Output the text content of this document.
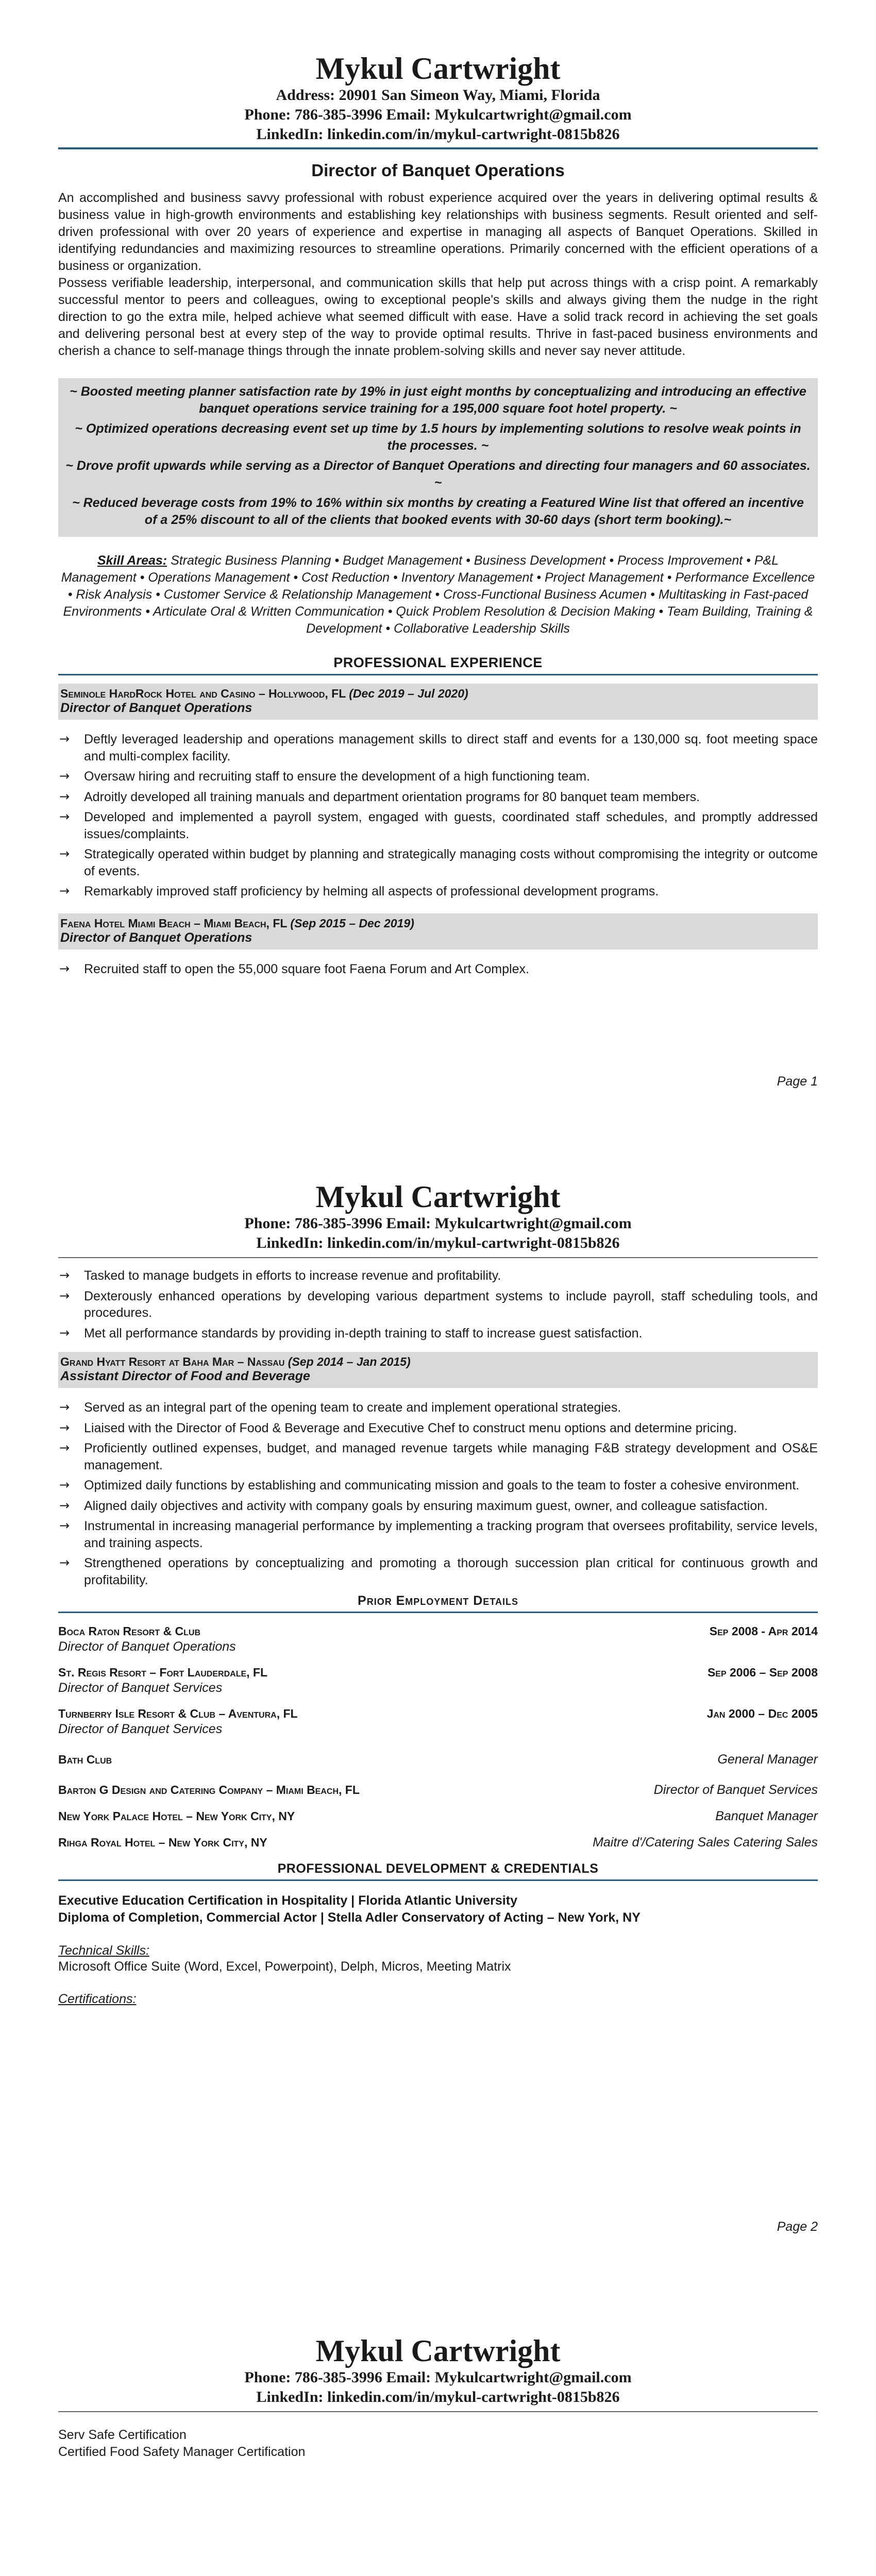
Mykul Cartwright
Address: 20901 San Simeon Way, Miami, Florida
Phone: 786-385-3996 Email: Mykulcartwright@gmail.com
LinkedIn: linkedin.com/in/mykul-cartwright-0815b826
Director of Banquet Operations

An accomplished and business savvy professional with robust experience acquired over the years in delivering optimal results & business value in high-growth environments and establishing key relationships with business segments. Result oriented and self-driven professional with over 20 years of experience and expertise in managing all aspects of Banquet Operations. Skilled in identifying redundancies and maximizing resources to streamline operations. Primarily concerned with the efficient operations of a business or organization.

Possess verifiable leadership, interpersonal, and communication skills that help put across things with a crisp point. A remarkably successful mentor to peers and colleagues, owing to exceptional people's skills and always giving them the nudge in the right direction to go the extra mile, helped achieve what seemed difficult with ease. Have a solid track record in achieving the set goals and delivering personal best at every step of the way to provide optimal results. Thrive in fast-paced business environments and cherish a chance to self-manage things through the innate problem-solving skills and never say never attitude.

~ Boosted meeting planner satisfaction rate by 19% in just eight months by conceptualizing and introducing an effective banquet operations service training for a 195,000 square foot hotel property. ~

~ Optimized operations decreasing event set up time by 1.5 hours by implementing solutions to resolve weak points in the processes. ~

~ Drove profit upwards while serving as a Director of Banquet Operations and directing four managers and 60 associates. ~

~ Reduced beverage costs from 19% to 16% within six months by creating a Featured Wine list that offered an incentive of a 25% discount to all of the clients that booked events with 30-60 days (short term booking).~

Skill Areas: Strategic Business Planning • Budget Management • Business Development • Process Improvement • P&L Management • Operations Management • Cost Reduction • Inventory Management • Project Management • Performance Excellence • Risk Analysis • Customer Service & Relationship Management • Cross-Functional Business Acumen • Multitasking in Fast-paced Environments • Articulate Oral & Written Communication • Quick Problem Resolution & Decision Making • Team Building, Training & Development • Collaborative Leadership Skills
PROFESSIONAL EXPERIENCE
Seminole HardRock Hotel and Casino – Hollywood, FL (Dec 2019 – Jul 2020)
Director of Banquet Operations
→ Deftly leveraged leadership and operations management skills to direct staff and events for a 130,000 sq. foot meeting space and multi-complex facility.
→ Oversaw hiring and recruiting staff to ensure the development of a high functioning team.
→ Adroitly developed all training manuals and department orientation programs for 80 banquet team members.
→ Developed and implemented a payroll system, engaged with guests, coordinated staff schedules, and promptly addressed issues/complaints.
→ Strategically operated within budget by planning and strategically managing costs without compromising the integrity or outcome of events.
→ Remarkably improved staff proficiency by helming all aspects of professional development programs.
Faena Hotel Miami Beach – Miami Beach, FL (Sep 2015 – Dec 2019)
Director of Banquet Operations
→ Recruited staff to open the 55,000 square foot Faena Forum and Art Complex.
Page 1
Mykul Cartwright
Phone: 786-385-3996 Email: Mykulcartwright@gmail.com
LinkedIn: linkedin.com/in/mykul-cartwright-0815b826
→ Tasked to manage budgets in efforts to increase revenue and profitability.
→ Dexterously enhanced operations by developing various department systems to include payroll, staff scheduling tools, and procedures.
→ Met all performance standards by providing in-depth training to staff to increase guest satisfaction.
Grand Hyatt Resort at Baha Mar – Nassau (Sep 2014 – Jan 2015)
Assistant Director of Food and Beverage
→ Served as an integral part of the opening team to create and implement operational strategies.
→ Liaised with the Director of Food & Beverage and Executive Chef to construct menu options and determine pricing.
→ Proficiently outlined expenses, budget, and managed revenue targets while managing F&B strategy development and OS&E management.
→ Optimized daily functions by establishing and communicating mission and goals to the team to foster a cohesive environment.
→ Aligned daily objectives and activity with company goals by ensuring maximum guest, owner, and colleague satisfaction.
→ Instrumental in increasing managerial performance by implementing a tracking program that oversees profitability, service levels, and training aspects.
→ Strengthened operations by conceptualizing and promoting a thorough succession plan critical for continuous growth and profitability.
Prior Employment Details
Boca Raton Resort & Club	Sep 2008 - Apr 2014
Director of Banquet Operations
St. Regis Resort – Fort Lauderdale, FL	Sep 2006 – Sep 2008
Director of Banquet Services
Turnberry Isle Resort & Club – Aventura, FL	Jan 2000 – Dec 2005
Director of Banquet Services
Bath Club	General Manager
Barton G Design and Catering Company – Miami Beach, FL	Director of Banquet Services
New York Palace Hotel – New York City, NY	Banquet Manager
Rihga Royal Hotel – New York City, NY	Maitre d'/Catering Sales Catering Sales
PROFESSIONAL DEVELOPMENT & CREDENTIALS
Executive Education Certification in Hospitality | Florida Atlantic University
Diploma of Completion, Commercial Actor | Stella Adler Conservatory of Acting – New York, NY
Technical Skills:
Microsoft Office Suite (Word, Excel, Powerpoint), Delph, Micros, Meeting Matrix
Certifications:
Page 2
Mykul Cartwright
Phone: 786-385-3996 Email: Mykulcartwright@gmail.com
LinkedIn: linkedin.com/in/mykul-cartwright-0815b826
Serv Safe Certification
Certified Food Safety Manager Certification
